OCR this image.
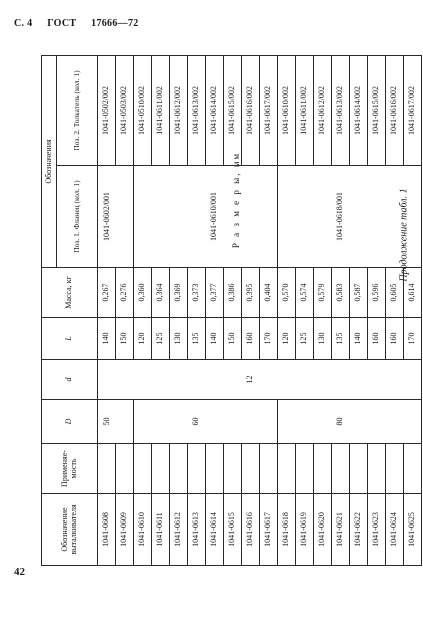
С. 4 ГОСТ 17666—72
Продолжение табл. 1
Р а з м е р ы, мм
Обозначение выталкивателя	Применяе-мость	D	d	L	Масса, кг	Обозначения	
						Поз. 1. Фланец (кол. 1)	Поз. 2. Толкатель (кол. 1)
1041-0608		50		140	0,267	1041-0602/001	1041-0502/002
1041-0609				150	0,276		1041-0503/002
1041-0610				120	0,360		1041-0510/002
1041-0611				125	0,364		1041-0611/002
1041-0612				130	0,369		1041-0612/002
1041-0613		60		135	0,373		1041-0613/002
1041-0614				140	0,377	1041-0610/001	1041-0614/002
1041-0615				150	0,386		1041-0615/002
1041-0616			12	160	0,395		1041-0616/002
1041-0617				170	0,404		1041-0617/002
1041-0618				120	0,570		1041-0610/002
1041-0619				125	0,574		1041-0611/002
1041-0620				130	0,579		1041-0612/002
1041-0621		80		135	0,583	1041-0618/001	1041-0613/002
1041-0622				140	0,587		1041-0614/002
1041-0623				160	0,596		1041-0615/002
1041-0624				160	0,605		1041-0616/002
1041-0625				170	0,614		1041-0617/002
42
